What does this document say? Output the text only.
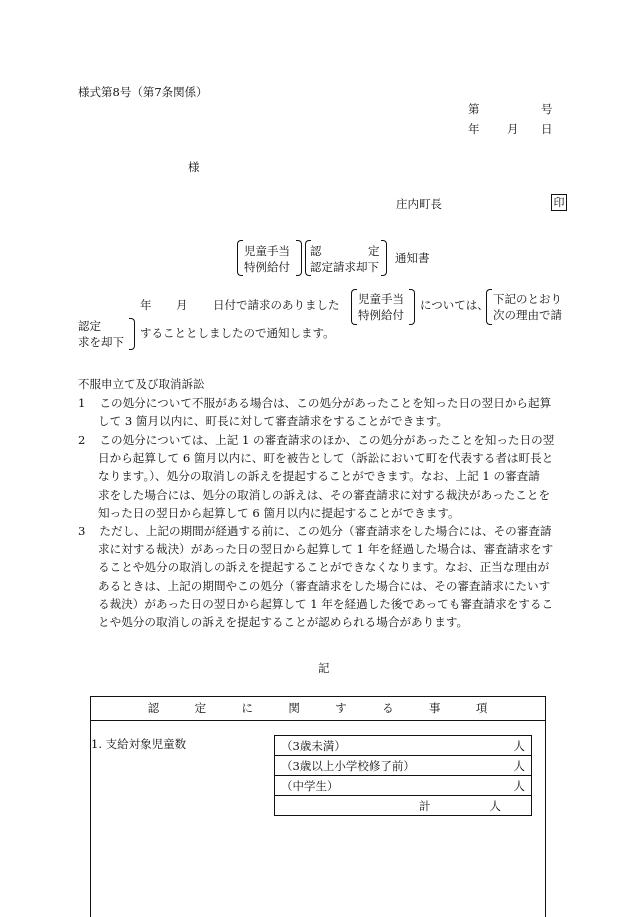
様式第8号（第7条関係）
第	号
年 月 日
様
庄内町長	印
児童手当
特例給付
認	定
認定請求却下
通知書
年 月 日付で請求のありました 児童手当
特例給付
については、 下記のとおり
次の理由で請
認定
求を却下
することとしましたので通知します。
不服申立て及び取消訴訟
1 この処分について不服がある場合は、この処分があったことを知った日の翌日から起算
して 3 箇月以内に、町長に対して審査請求をすることができます。
2 この処分については、上記 1 の審査請求のほか、この処分があったことを知った日の翌
日から起算して 6 箇月以内に、町を被告として（訴訟において町を代表する者は町長と
なります。）、処分の取消しの訴えを提起することができます。なお、上記 1 の審査請
求をした場合には、処分の取消しの訴えは、その審査請求に対する裁決があったことを
知った日の翌日から起算して 6 箇月以内に提起することができます。
3 ただし、上記の期間が経過する前に、この処分（審査請求をした場合には、その審査請
求に対する裁決）があった日の翌日から起算して 1 年を経過した場合は、審査請求をす
ることや処分の取消しの訴えを提起することができなくなります。なお、正当な理由が
あるときは、上記の期間やこの処分（審査請求をした場合には、その審査請求にたいす
る裁決）があった日の翌日から起算して 1 年を経過した後であっても審査請求をするこ
とや処分の取消しの訴えを提起することが認められる場合があります。
記
認	定	に	関	す	る	事	項
1. 支給対象児童数	（3歳未満）	人

（3歳以上小学校修了前）	人

（中学生）	人

計	人
